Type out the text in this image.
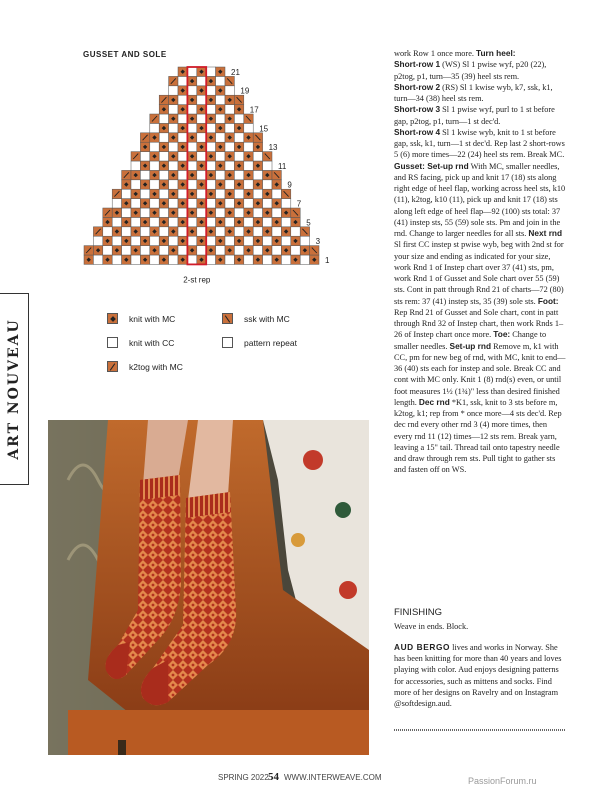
ART NOUVEAU
GUSSET AND SOLE
1
3
5
7
9
11
13
15
17
19
21
2-st rep
knit with MC
knit with CC
k2tog with MC
ssk with MC
pattern repeat

work Row 1 once more. Turn heel:
Short-row 1 (WS) Sl 1 pwise wyf, p20 (22), p2tog, p1, turn—35 (39) heel sts rem.
Short-row 2 (RS) Sl 1 kwise wyb, k7, ssk, k1, turn—34 (38) heel sts rem.
Short-row 3 Sl 1 pwise wyf, purl to 1 st before gap, p2tog, p1, turn—1 st dec'd.
Short-row 4 Sl 1 kwise wyb, knit to 1 st before gap, ssk, k1, turn—1 st dec'd. Rep last 2 short-rows 5 (6) more times—22 (24) heel sts rem. Break MC. Gusset: Set-up rnd With MC, smaller needles, and RS facing, pick up and knit 17 (18) sts along right edge of heel flap, working across heel sts, k10 (11), k2tog, k10 (11), pick up and knit 17 (18) sts along left edge of heel flap—92 (100) sts total: 37 (41) instep sts, 55 (59) sole sts. Pm and join in the rnd. Change to larger needles for all sts. Next rnd Sl first CC instep st pwise wyb, beg with 2nd st for your size and ending as indicated for your size, work Rnd 1 of Instep chart over 37 (41) sts, pm, work Rnd 1 of Gusset and Sole chart over 55 (59) sts. Cont in patt through Rnd 21 of charts—72 (80) sts rem: 37 (41) instep sts, 35 (39) sole sts. Foot: Rep Rnd 21 of Gusset and Sole chart, cont in patt through Rnd 32 of Instep chart, then work Rnds 1–26 of Instep chart once more. Toe: Change to smaller needles. Set-up rnd Remove m, k1 with CC, pm for new beg of rnd, with MC, knit to end—36 (40) sts each for instep and sole. Break CC and cont with MC only. Knit 1 (8) rnd(s) even, or until foot measures 1½ (1¾)" less than desired finished length. Dec rnd *K1, ssk, knit to 3 sts before m, k2tog, k1; rep from * once more—4 sts dec'd. Rep dec rnd every other rnd 3 (4) more times, then every rnd 11 (12) times—12 sts rem. Break yarn, leaving a 15" tail. Thread tail onto tapestry needle and draw through rem sts. Pull tight to gather sts and fasten off on WS.

FINISHING
Weave in ends. Block.
AUD BERGO lives and works in Norway. She has been knitting for more than 40 years and loves playing with color. Aud enjoys designing patterns for accessories, such as mittens and socks. Find more of her designs on Ravelry and on Instagram @softdesign.aud.
SPRING 2022 54 WWW.INTERWEAVE.COM	PassionForum.ru
